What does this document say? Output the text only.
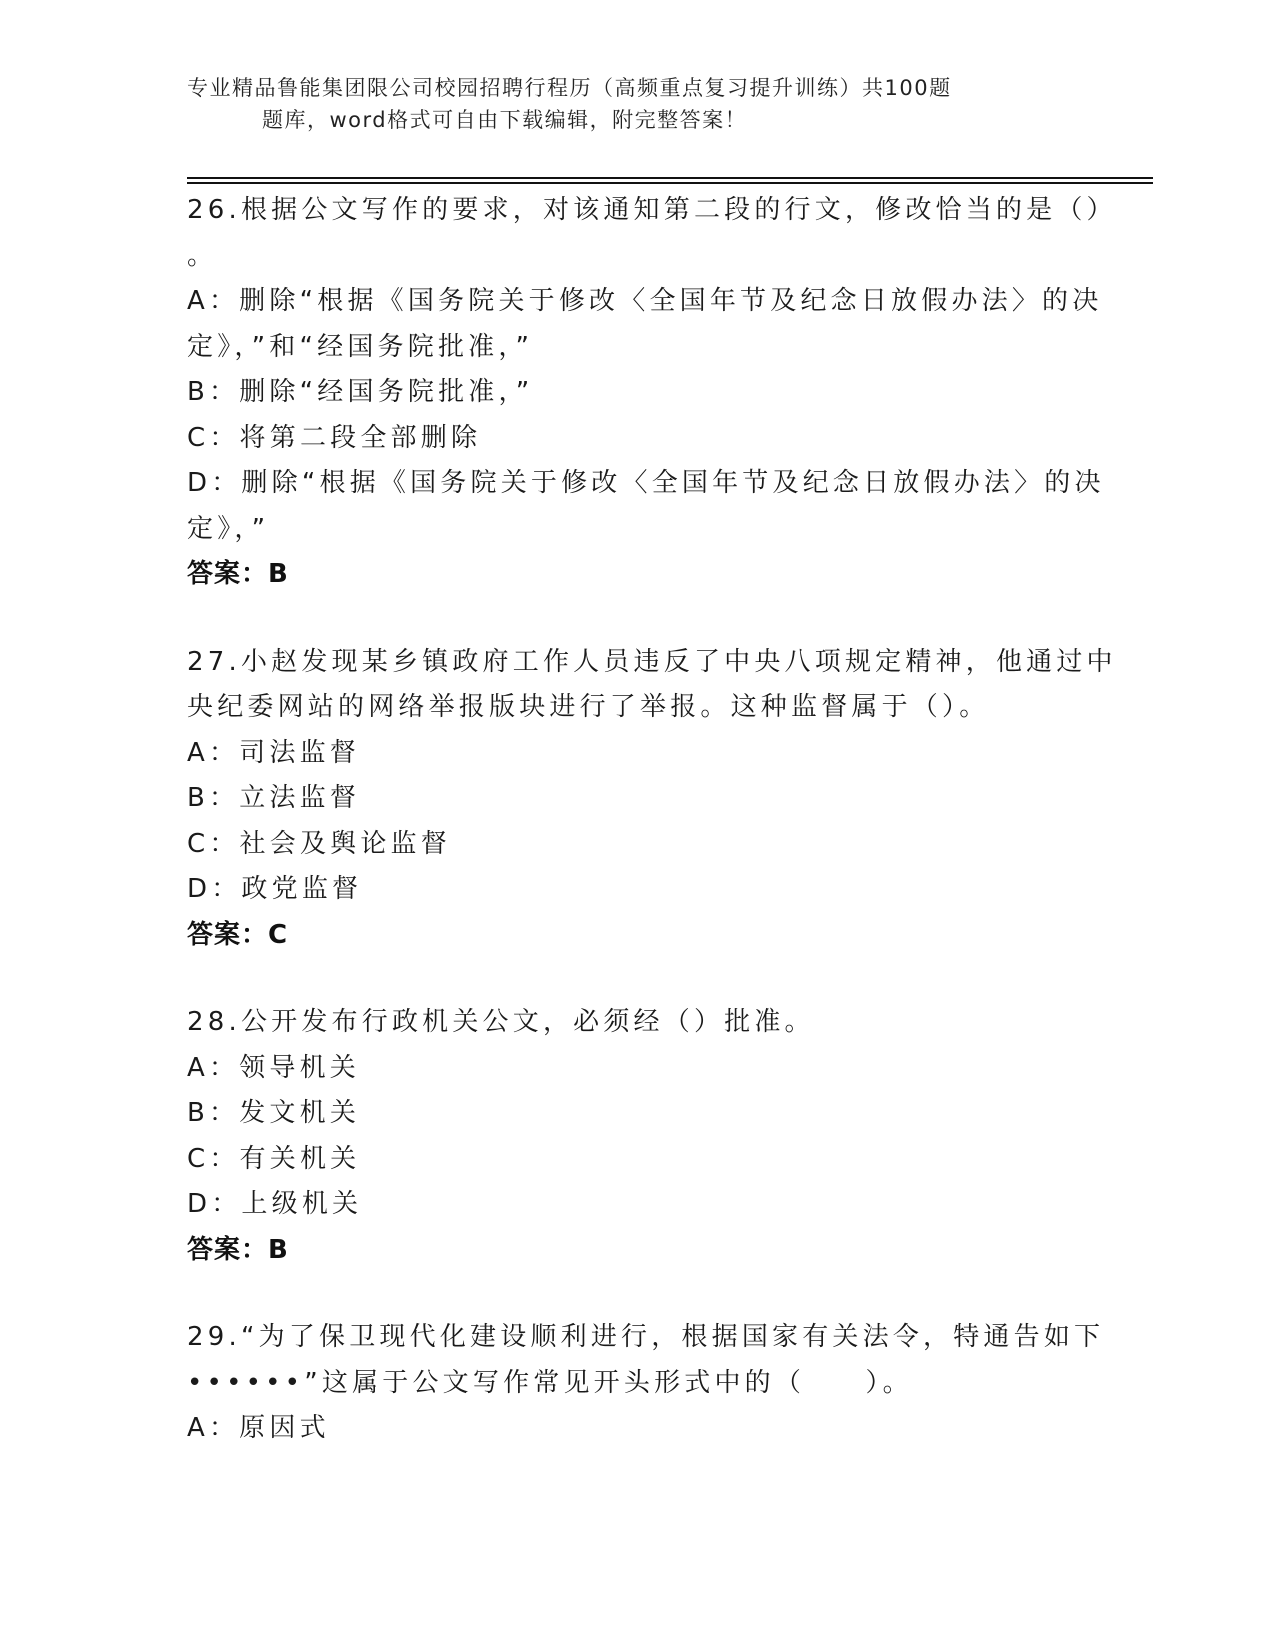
专业精品鲁能集团限公司校园招聘行程历（高频重点复习提升训练）共100题
题库，word格式可自由下载编辑，附完整答案！
26.根据公文写作的要求，对该通知第二段的行文，修改恰当的是（）
。
A：删除“根据《国务院关于修改〈全国年节及纪念日放假办法〉的决
定》，”和“经国务院批准，”
B：删除“经国务院批准，”
C：将第二段全部删除
D：删除“根据《国务院关于修改〈全国年节及纪念日放假办法〉的决
定》，”
答案：B
27.小赵发现某乡镇政府工作人员违反了中央八项规定精神，他通过中
央纪委网站的网络举报版块进行了举报。这种监督属于（）。
A：司法监督
B：立法监督
C：社会及舆论监督
D：政党监督
答案：C
28.公开发布行政机关公文，必须经（）批准。
A：领导机关
B：发文机关
C：有关机关
D：上级机关
答案：B
29.“为了保卫现代化建设顺利进行，根据国家有关法令，特通告如下
••••••”这属于公文写作常见开头形式中的（　　）。
A：原因式
